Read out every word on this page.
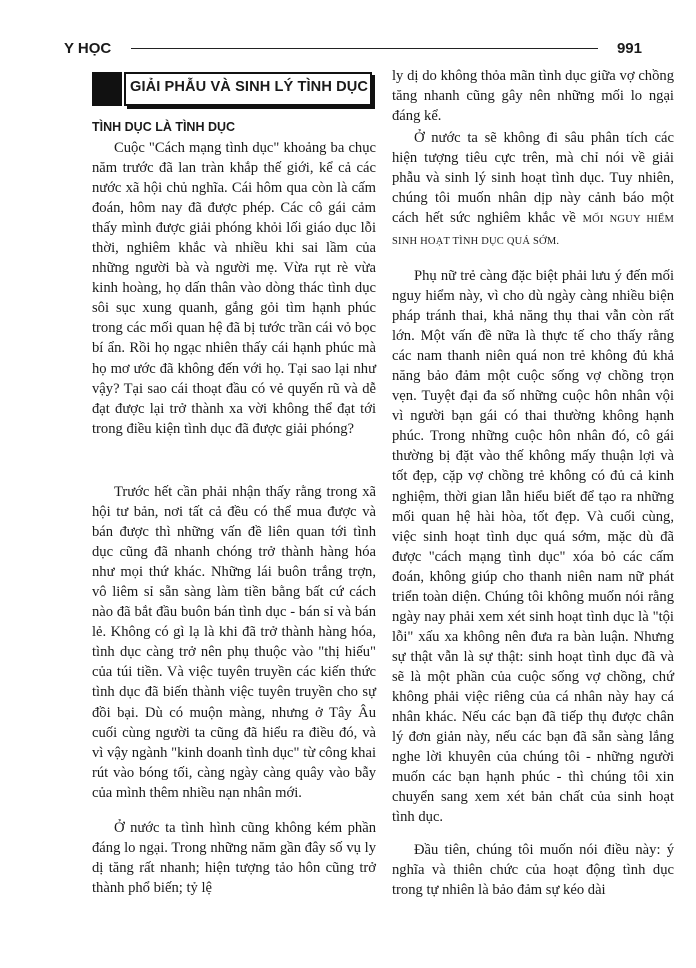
Y HỌC	991
GIẢI PHẪU VÀ SINH LÝ TÌNH DỤC
TÌNH DỤC LÀ TÌNH DỤC

Cuộc "Cách mạng tình dục" khoảng ba chục năm trước đã lan tràn khắp thế giới, kể cả các nước xã hội chủ nghĩa. Cái hôm qua còn là cấm đoán, hôm nay đã được phép. Các cô gái cảm thấy mình được giải phóng khỏi lối giáo dục lỗi thời, nghiêm khắc và nhiều khi sai lầm của những người bà và người mẹ. Vừa rụt rè vừa kinh hoàng, họ dấn thân vào dòng thác tình dục sôi sục xung quanh, gắng gỏi tìm hạnh phúc trong các mối quan hệ đã bị tước trần cái vỏ bọc bí ẩn. Rồi họ ngạc nhiên thấy cái hạnh phúc mà họ mơ ước đã không đến với họ. Tại sao lại như vậy? Tại sao cái thoạt đầu có vẻ quyến rũ và dễ đạt được lại trở thành xa vời không thể đạt tới trong điều kiện tình dục đã được giải phóng?

Trước hết cần phải nhận thấy rằng trong xã hội tư bản, nơi tất cả đều có thể mua được và bán được thì những vấn đề liên quan tới tình dục cũng đã nhanh chóng trở thành hàng hóa như mọi thứ khác. Những lái buôn trắng trợn, vô liêm sỉ sẵn sàng làm tiền bằng bất cứ cách nào đã bắt đầu buôn bán tình dục - bán sỉ và bán lẻ. Không có gì lạ là khi đã trở thành hàng hóa, tình dục càng trở nên phụ thuộc vào "thị hiếu" của túi tiền. Và việc tuyên truyền các kiến thức tình dục đã biến thành việc tuyên truyền cho sự đồi bại. Dù có muộn màng, nhưng ở Tây Âu cuối cùng người ta cũng đã hiểu ra điều đó, và vì vậy ngành "kinh doanh tình dục" từ công khai rút vào bóng tối, càng ngày càng quây vào bẫy của mình thêm nhiều nạn nhân mới.

Ở nước ta tình hình cũng không kém phần đáng lo ngại. Trong những năm gần đây số vụ ly dị tăng rất nhanh; hiện tượng tảo hôn cũng trở thành phổ biến; tỷ lệ

ly dị do không thỏa mãn tình dục giữa vợ chồng tăng nhanh cũng gây nên những mối lo ngại đáng kể.

Ở nước ta sẽ không đi sâu phân tích các hiện tượng tiêu cực trên, mà chỉ nói về giải phẫu và sinh lý sinh hoạt tình dục. Tuy nhiên, chúng tôi muốn nhân dịp này cảnh báo một cách hết sức nghiêm khắc về MỐI NGUY HIỂM SINH HOẠT TÌNH DỤC QUÁ SỚM.

Phụ nữ trẻ càng đặc biệt phải lưu ý đến mối nguy hiểm này, vì cho dù ngày càng nhiều biện pháp tránh thai, khả năng thụ thai vẫn còn rất lớn. Một vấn đề nữa là thực tế cho thấy rằng các nam thanh niên quá non trẻ không đủ khả năng bảo đảm một cuộc sống vợ chồng trọn vẹn. Tuyệt đại đa số những cuộc hôn nhân vội vì người bạn gái có thai thường không hạnh phúc. Trong những cuộc hôn nhân đó, cô gái thường bị đặt vào thế không mấy thuận lợi và tốt đẹp, cặp vợ chồng trẻ không có đủ cả kinh nghiệm, thời gian lẫn hiểu biết để tạo ra những mối quan hệ hài hòa, tốt đẹp. Và cuối cùng, việc sinh hoạt tình dục quá sớm, mặc dù đã được "cách mạng tình dục" xóa bỏ các cấm đoán, không giúp cho thanh niên nam nữ phát triển toàn diện. Chúng tôi không muốn nói rằng ngày nay phải xem xét sinh hoạt tình dục là "tội lỗi" xấu xa không nên đưa ra bàn luận. Nhưng sự thật vẫn là sự thật: sinh hoạt tình dục đã và sẽ là một phần của cuộc sống vợ chồng, chứ không phải việc riêng của cá nhân này hay cá nhân khác. Nếu các bạn đã tiếp thụ được chân lý đơn giản này, nếu các bạn đã sẵn sàng lắng nghe lời khuyên của chúng tôi - những người muốn các bạn hạnh phúc - thì chúng tôi xin chuyển sang xem xét bản chất của sinh hoạt tình dục.

Đầu tiên, chúng tôi muốn nói điều này: ý nghĩa và thiên chức của hoạt động tình dục trong tự nhiên là bảo đảm sự kéo dài
